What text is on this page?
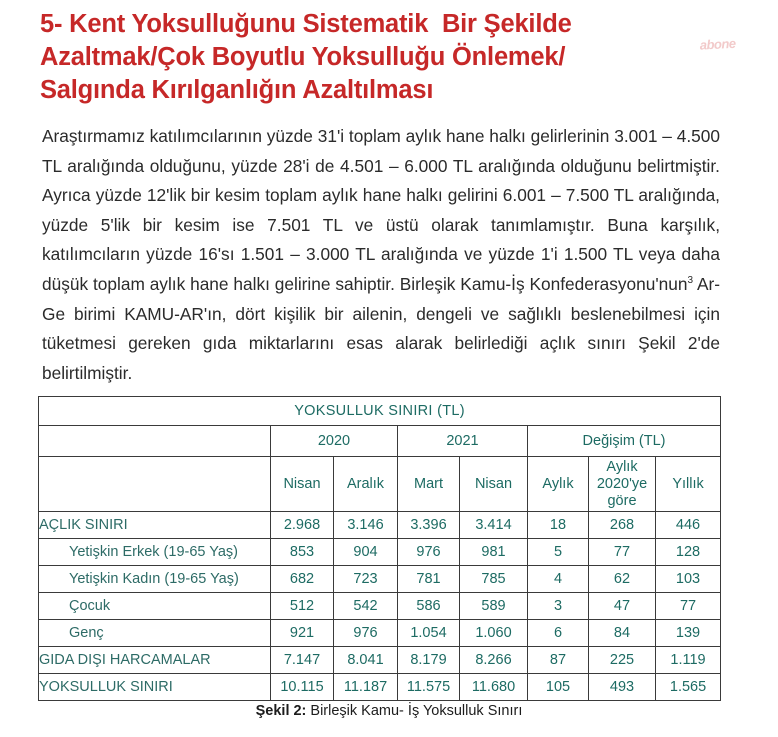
5- Kent Yoksulluğunu Sistematik  Bir Şekilde
Azaltmak/Çok Boyutlu Yoksulluğu Önlemek/
Salgında Kırılganlığın Azaltılması
abone

Araştırmamız katılımcılarının yüzde 31'i toplam aylık hane halkı gelirlerinin 3.001 – 4.500 TL aralığında olduğunu, yüzde 28'i de 4.501 – 6.000 TL aralığında olduğunu belirtmiştir. Ayrıca yüzde 12'lik bir kesim toplam aylık hane halkı gelirini 6.001 – 7.500 TL aralığında, yüzde 5'lik bir kesim ise 7.501 TL ve üstü olarak tanımlamıştır. Buna karşılık, katılımcıların yüzde 16'sı 1.501 – 3.000 TL aralığında ve yüzde 1'i 1.500 TL veya daha düşük toplam aylık hane halkı gelirine sahiptir. Birleşik Kamu-İş Konfederasyonu'nun$^3$ Ar-Ge birimi KAMU-AR'ın, dört kişilik bir ailenin, dengeli ve sağlıklı beslenebilmesi için tüketmesi gereken gıda miktarlarını esas alarak belirlediği açlık sınırı Şekil 2'de belirtilmiştir.

YOKSULLUK SINIRI (TL)							
	2020		2021		Değişim (TL)		
	Nisan	Aralık	Mart	Nisan	Aylık	Aylık 2020'ye göre	Yıllık
AÇLIK SINIRI	2.968	3.146	3.396	3.414	18	268	446
Yetişkin Erkek (19-65 Yaş)	853	904	976	981	5	77	128
Yetişkin Kadın (19-65 Yaş)	682	723	781	785	4	62	103
Çocuk	512	542	586	589	3	47	77
Genç	921	976	1.054	1.060	6	84	139
GIDA DIŞI HARCAMALAR	7.147	8.041	8.179	8.266	87	225	1.119
YOKSULLUK SINIRI	10.115	11.187	11.575	11.680	105	493	1.565
Şekil 2: Birleşik Kamu- İş Yoksulluk Sınırı
